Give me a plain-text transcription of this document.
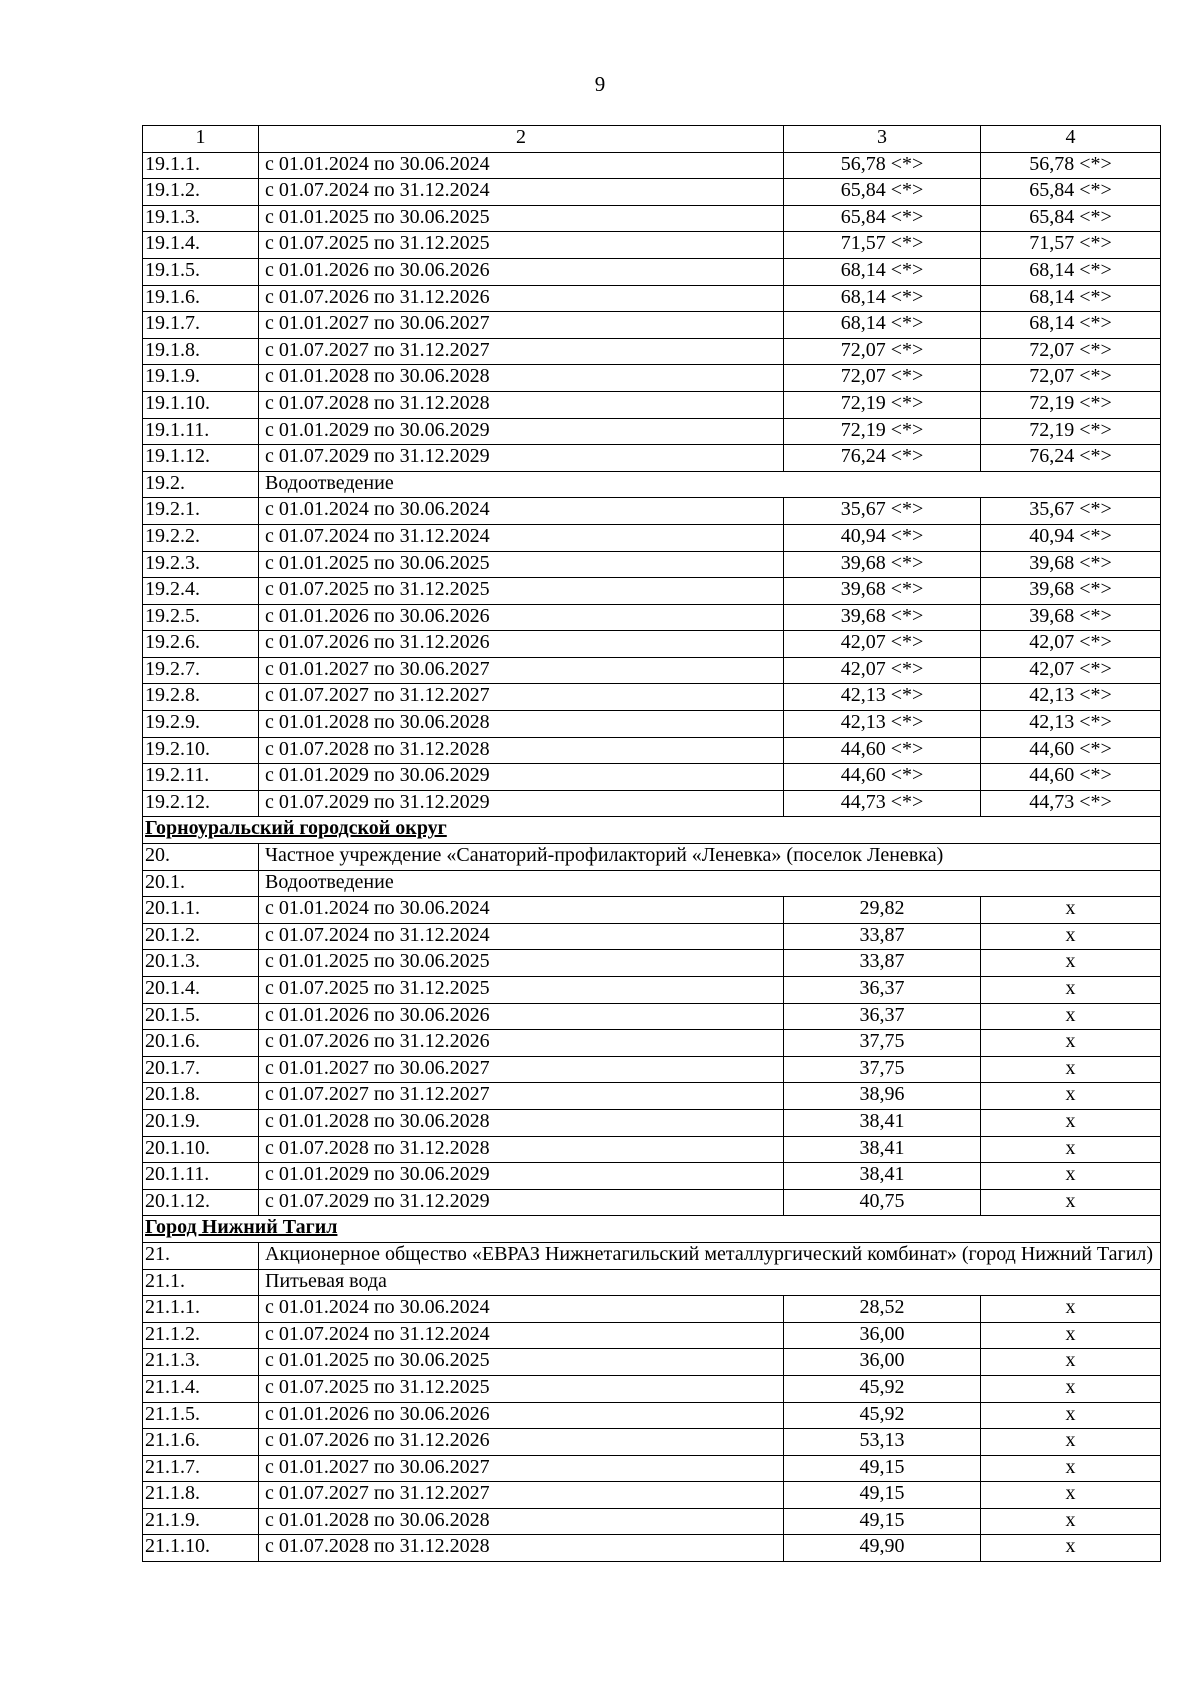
9
1	2	3	4
19.1.1.	с 01.01.2024 по 30.06.2024	56,78 <*>	56,78 <*>
19.1.2.	с 01.07.2024 по 31.12.2024	65,84 <*>	65,84 <*>
19.1.3.	с 01.01.2025 по 30.06.2025	65,84 <*>	65,84 <*>
19.1.4.	с 01.07.2025 по 31.12.2025	71,57 <*>	71,57 <*>
19.1.5.	с 01.01.2026 по 30.06.2026	68,14 <*>	68,14 <*>
19.1.6.	с 01.07.2026 по 31.12.2026	68,14 <*>	68,14 <*>
19.1.7.	с 01.01.2027 по 30.06.2027	68,14 <*>	68,14 <*>
19.1.8.	с 01.07.2027 по 31.12.2027	72,07 <*>	72,07 <*>
19.1.9.	с 01.01.2028 по 30.06.2028	72,07 <*>	72,07 <*>
19.1.10.	с 01.07.2028 по 31.12.2028	72,19 <*>	72,19 <*>
19.1.11.	с 01.01.2029 по 30.06.2029	72,19 <*>	72,19 <*>
19.1.12.	с 01.07.2029 по 31.12.2029	76,24 <*>	76,24 <*>
19.2.	Водоотведение		
19.2.1.	с 01.01.2024 по 30.06.2024	35,67 <*>	35,67 <*>
19.2.2.	с 01.07.2024 по 31.12.2024	40,94 <*>	40,94 <*>
19.2.3.	с 01.01.2025 по 30.06.2025	39,68 <*>	39,68 <*>
19.2.4.	с 01.07.2025 по 31.12.2025	39,68 <*>	39,68 <*>
19.2.5.	с 01.01.2026 по 30.06.2026	39,68 <*>	39,68 <*>
19.2.6.	с 01.07.2026 по 31.12.2026	42,07 <*>	42,07 <*>
19.2.7.	с 01.01.2027 по 30.06.2027	42,07 <*>	42,07 <*>
19.2.8.	с 01.07.2027 по 31.12.2027	42,13 <*>	42,13 <*>
19.2.9.	с 01.01.2028 по 30.06.2028	42,13 <*>	42,13 <*>
19.2.10.	с 01.07.2028 по 31.12.2028	44,60 <*>	44,60 <*>
19.2.11.	с 01.01.2029 по 30.06.2029	44,60 <*>	44,60 <*>
19.2.12.	с 01.07.2029 по 31.12.2029	44,73 <*>	44,73 <*>
Горноуральский городской округ			
20.	Частное учреждение «Санаторий-профилакторий «Леневка» (поселок Леневка)		
20.1.	Водоотведение		
20.1.1.	с 01.01.2024 по 30.06.2024	29,82	х
20.1.2.	с 01.07.2024 по 31.12.2024	33,87	х
20.1.3.	с 01.01.2025 по 30.06.2025	33,87	х
20.1.4.	с 01.07.2025 по 31.12.2025	36,37	х
20.1.5.	с 01.01.2026 по 30.06.2026	36,37	х
20.1.6.	с 01.07.2026 по 31.12.2026	37,75	х
20.1.7.	с 01.01.2027 по 30.06.2027	37,75	х
20.1.8.	с 01.07.2027 по 31.12.2027	38,96	х
20.1.9.	с 01.01.2028 по 30.06.2028	38,41	х
20.1.10.	с 01.07.2028 по 31.12.2028	38,41	х
20.1.11.	с 01.01.2029 по 30.06.2029	38,41	х
20.1.12.	с 01.07.2029 по 31.12.2029	40,75	х
Город Нижний Тагил			
21.	Акционерное общество «ЕВРАЗ Нижнетагильский металлургический комбинат» (город Нижний Тагил)		
21.1.	Питьевая вода		
21.1.1.	с 01.01.2024 по 30.06.2024	28,52	х
21.1.2.	с 01.07.2024 по 31.12.2024	36,00	х
21.1.3.	с 01.01.2025 по 30.06.2025	36,00	х
21.1.4.	с 01.07.2025 по 31.12.2025	45,92	х
21.1.5.	с 01.01.2026 по 30.06.2026	45,92	х
21.1.6.	с 01.07.2026 по 31.12.2026	53,13	х
21.1.7.	с 01.01.2027 по 30.06.2027	49,15	х
21.1.8.	с 01.07.2027 по 31.12.2027	49,15	х
21.1.9.	с 01.01.2028 по 30.06.2028	49,15	х
21.1.10.	с 01.07.2028 по 31.12.2028	49,90	х
